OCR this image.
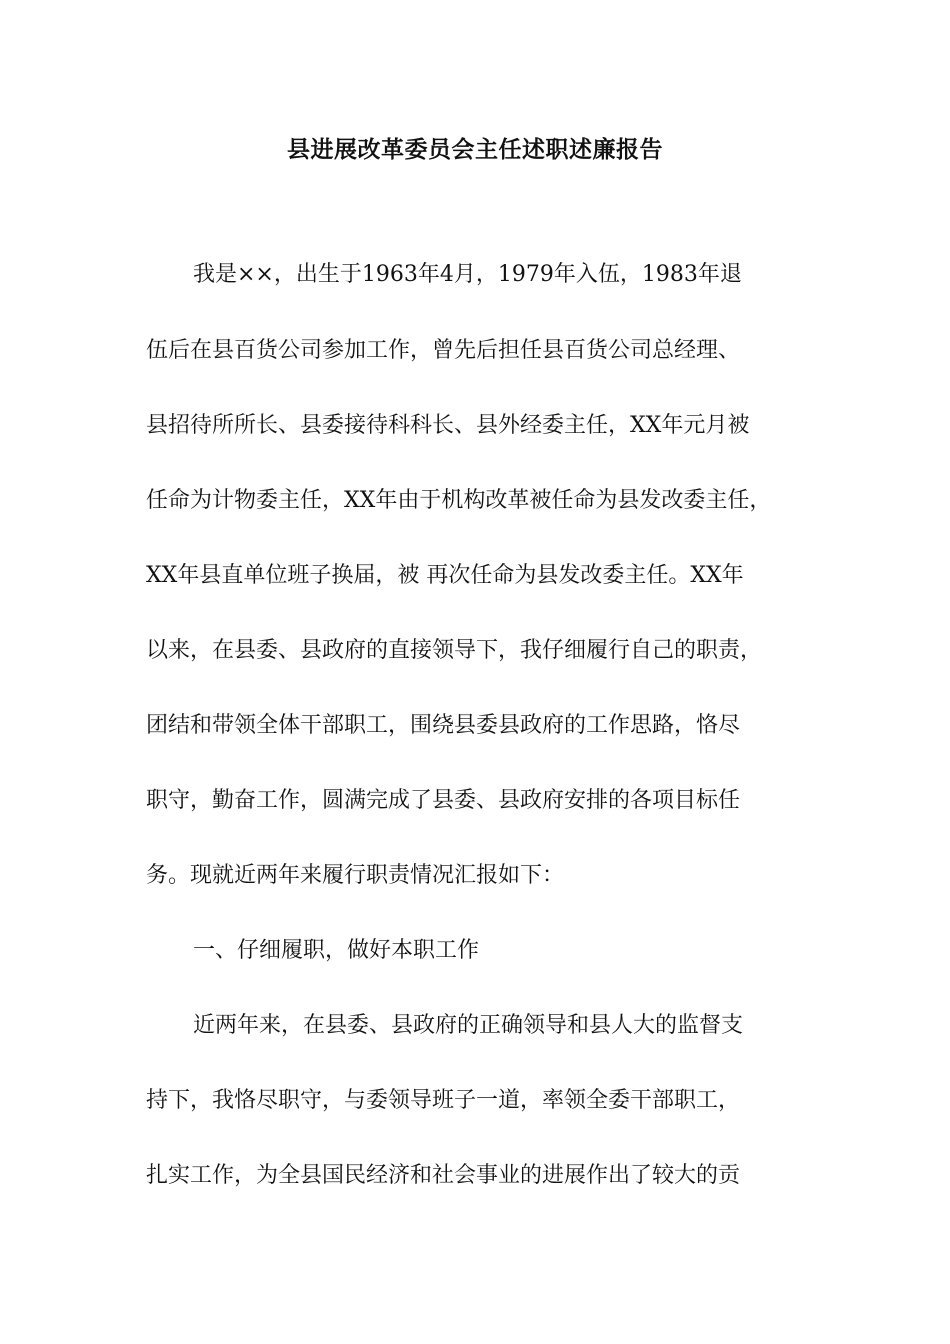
县进展改革委员会主任述职述廉报告
我是××，出生于1963年4月，1979年入伍，1983年退
伍后在县百货公司参加工作，曾先后担任县百货公司总经理、
县招待所所长、县委接待科科长、县外经委主任，XX年元月被
任命为计物委主任，XX年由于机构改革被任命为县发改委主任，
XX年县直单位班子换届，被 再次任命为县发改委主任。XX年
以来，在县委、县政府的直接领导下，我仔细履行自己的职责，
团结和带领全体干部职工，围绕县委县政府的工作思路，恪尽
职守，勤奋工作，圆满完成了县委、县政府安排的各项目标任
务。现就近两年来履行职责情况汇报如下：
一、仔细履职，做好本职工作
近两年来，在县委、县政府的正确领导和县人大的监督支
持下，我恪尽职守，与委领导班子一道，率领全委干部职工，
扎实工作，为全县国民经济和社会事业的进展作出了较大的贡
